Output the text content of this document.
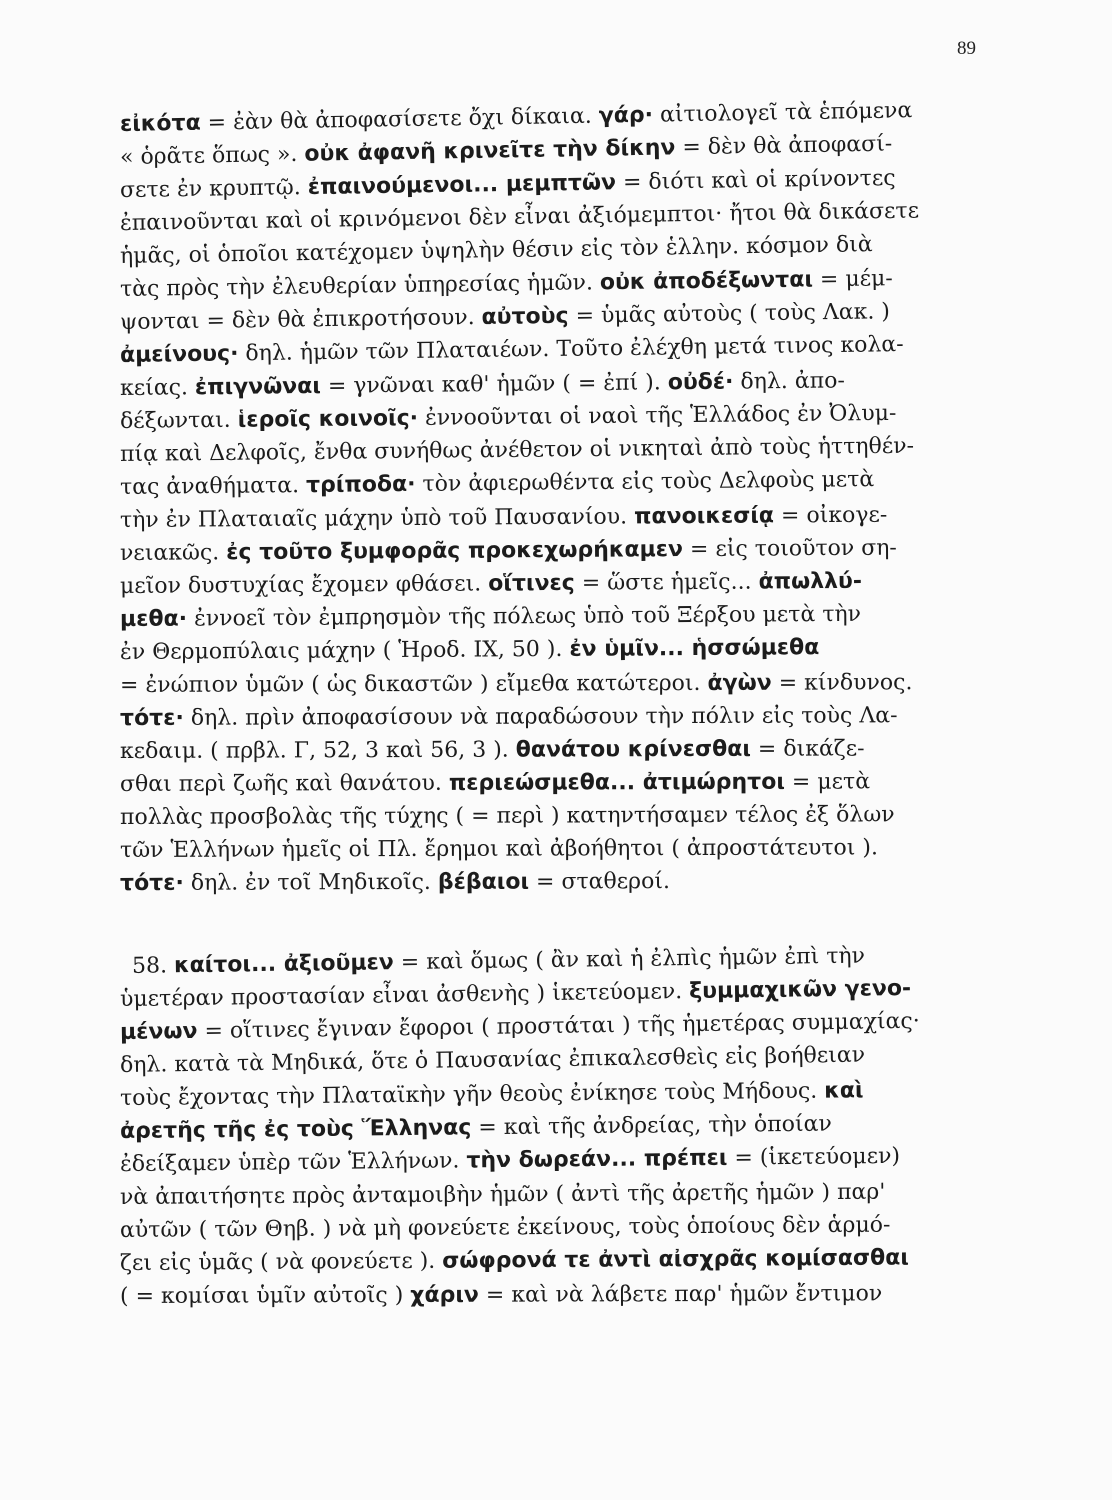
89
εἰκότα = ἐὰν θὰ ἀποφασίσετε ὄχι δίκαια. γάρ· αἰτιολογεῖ τὰ ἑπόμενα
« ὁρᾶτε ὅπως ». οὐκ ἀφανῆ κρινεῖτε τὴν δίκην = δὲν θὰ ἀποφασί-
σετε ἐν κρυπτῷ. ἐπαινούμενοι... μεμπτῶν = διότι καὶ οἱ κρίνοντες
ἐπαινοῦνται καὶ οἱ κρινόμενοι δὲν εἶναι ἀξιόμεμπτοι· ἤτοι θὰ δικάσετε
ἡμᾶς, οἱ ὁποῖοι κατέχομεν ὑψηλὴν θέσιν εἰς τὸν ἑλλην. κόσμον διὰ
τὰς πρὸς τὴν ἐλευθερίαν ὑπηρεσίας ἡμῶν. οὐκ ἀποδέξωνται = μέμ-
ψονται = δὲν θὰ ἐπικροτήσουν. αὐτοὺς = ὑμᾶς αὐτοὺς ( τοὺς Λακ. )
ἀμείνους· δηλ. ἡμῶν τῶν Πλαταιέων. Τοῦτο ἐλέχθη μετά τινος κολα-
κείας. ἐπιγνῶναι = γνῶναι καθ' ἡμῶν ( = ἐπί ). οὐδέ· δηλ. ἀπο-
δέξωνται. ἱεροῖς κοινοῖς· ἐννοοῦνται οἱ ναοὶ τῆς Ἑλλάδος ἐν Ὀλυμ-
πίᾳ καὶ Δελφοῖς, ἔνθα συνήθως ἀνέθετον οἱ νικηταὶ ἀπὸ τοὺς ἡττηθέν-
τας ἀναθήματα. τρίποδα· τὸν ἀφιερωθέντα εἰς τοὺς Δελφοὺς μετὰ
τὴν ἐν Πλαταιαῖς μάχην ὑπὸ τοῦ Παυσανίου. πανοικεσίᾳ = οἰκογε-
νειακῶς. ἐς τοῦτο ξυμφορᾶς προκεχωρήκαμεν = εἰς τοιοῦτον ση-
μεῖον δυστυχίας ἔχομεν φθάσει. οἵτινες = ὥστε ἡμεῖς... ἀπωλλύ-
μεθα· ἐννοεῖ τὸν ἐμπρησμὸν τῆς πόλεως ὑπὸ τοῦ Ξέρξου μετὰ τὴν
ἐν Θερμοπύλαις μάχην ( Ἡροδ. IX, 50 ). ἐν ὑμῖν... ἡσσώμεθα
= ἐνώπιον ὑμῶν ( ὡς δικαστῶν ) εἴμεθα κατώτεροι. ἀγὼν = κίνδυνος.
τότε· δηλ. πρὶν ἀποφασίσουν νὰ παραδώσουν τὴν πόλιν εἰς τοὺς Λα-
κεδαιμ. ( πρβλ. Γ, 52, 3 καὶ 56, 3 ). θανάτου κρίνεσθαι = δικάζε-
σθαι περὶ ζωῆς καὶ θανάτου. περιεώσμεθα... ἀτιμώρητοι = μετὰ
πολλὰς προσβολὰς τῆς τύχης ( = περὶ ) κατηντήσαμεν τέλος ἐξ ὅλων
τῶν Ἑλλήνων ἡμεῖς οἱ Πλ. ἔρημοι καὶ ἀβοήθητοι ( ἀπροστάτευτοι ).
τότε· δηλ. ἐν τοῖ Μηδικοῖς. βέβαιοι = σταθεροί.
58. καίτοι... ἀξιοῦμεν = καὶ ὅμως ( ἂν καὶ ἡ ἐλπὶς ἡμῶν ἐπὶ τὴν
ὑμετέραν προστασίαν εἶναι ἀσθενὴς ) ἱκετεύομεν. ξυμμαχικῶν γενο-
μένων = οἵτινες ἔγιναν ἔφοροι ( προστάται ) τῆς ἡμετέρας συμμαχίας·
δηλ. κατὰ τὰ Μηδικά, ὅτε ὁ Παυσανίας ἐπικαλεσθεὶς εἰς βοήθειαν
τοὺς ἔχοντας τὴν Πλαταϊκὴν γῆν θεοὺς ἐνίκησε τοὺς Μήδους. καὶ
ἀρετῆς τῆς ἐς τοὺς Ἕλληνας = καὶ τῆς ἀνδρείας, τὴν ὁποίαν
ἐδείξαμεν ὑπὲρ τῶν Ἑλλήνων. τὴν δωρεάν... πρέπει = (ἱκετεύομεν)
νὰ ἀπαιτήσητε πρὸς ἀνταμοιβὴν ἡμῶν ( ἀντὶ τῆς ἀρετῆς ἡμῶν ) παρ'
αὐτῶν ( τῶν Θηβ. ) νὰ μὴ φονεύετε ἐκείνους, τοὺς ὁποίους δὲν ἁρμό-
ζει εἰς ὑμᾶς ( νὰ φονεύετε ). σώφρονά τε ἀντὶ αἰσχρᾶς κομίσασθαι
( = κομίσαι ὑμῖν αὐτοῖς ) χάριν = καὶ νὰ λάβετε παρ' ἡμῶν ἔντιμον
